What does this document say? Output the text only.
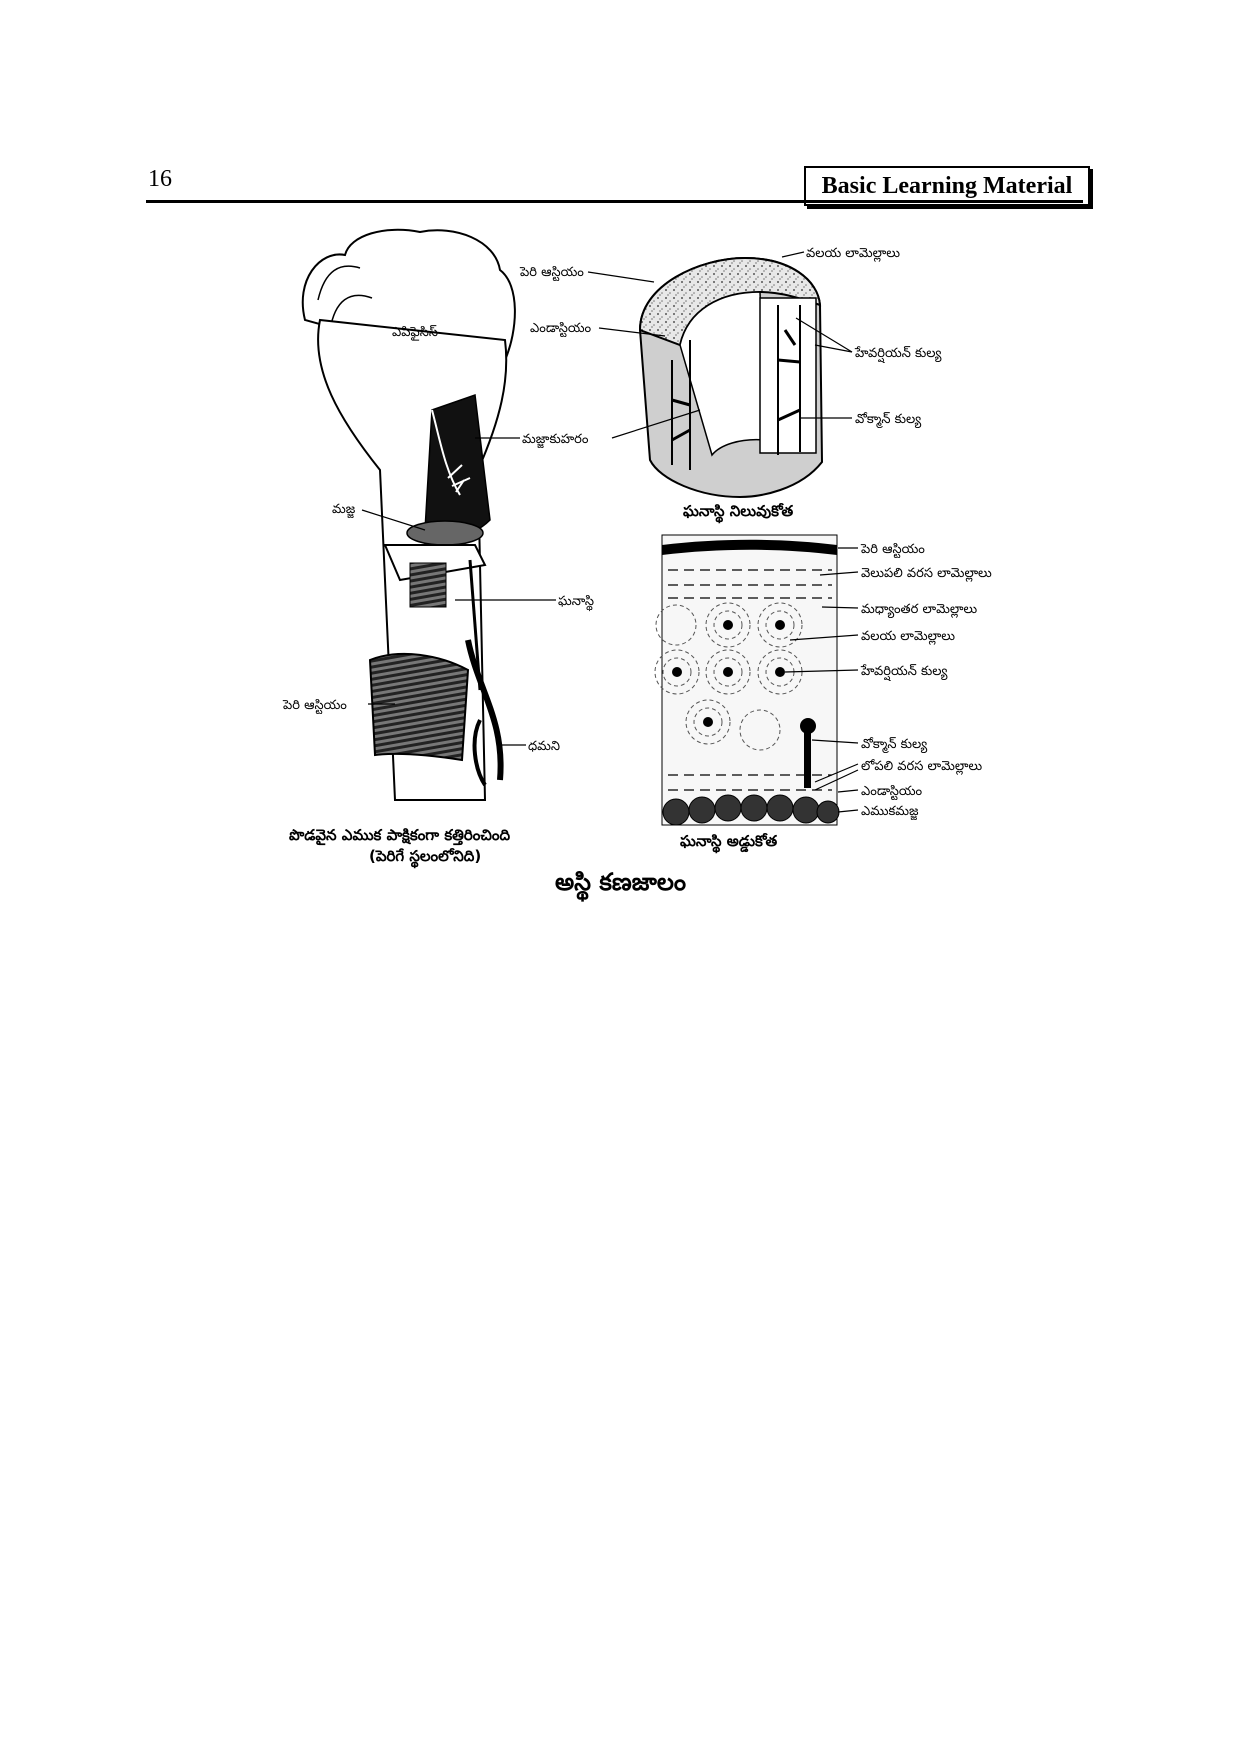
16	Basic Learning Material
ఎపిఫైసిస్
మజ్జాకుహరం
మజ్జ
ఘనాస్థి
పెరి ఆస్టియం
ధమని
పొడవైన ఎముక పాక్షికంగా కత్తిరించింది
(పెరిగే స్థలంలోనిది)
పెరి ఆస్టియం
వలయ లామెల్లాలు
ఎండాస్టియం
హేవర్షియన్ కుల్య
వోక్మాన్ కుల్య
ఘనాస్థి నిలువుకోత
పెరి ఆస్టియం
వెలుపలి వరస లామెల్లాలు
మధ్యాంతర లామెల్లాలు
వలయ లామెల్లాలు
హేవర్షియన్ కుల్య
వోక్మాన్ కుల్య
లోపలి వరస లామెల్లాలు
ఎండాస్టియం
ఎముకమజ్జ
ఘనాస్థి అడ్డుకోత
అస్థి కణజాలం
